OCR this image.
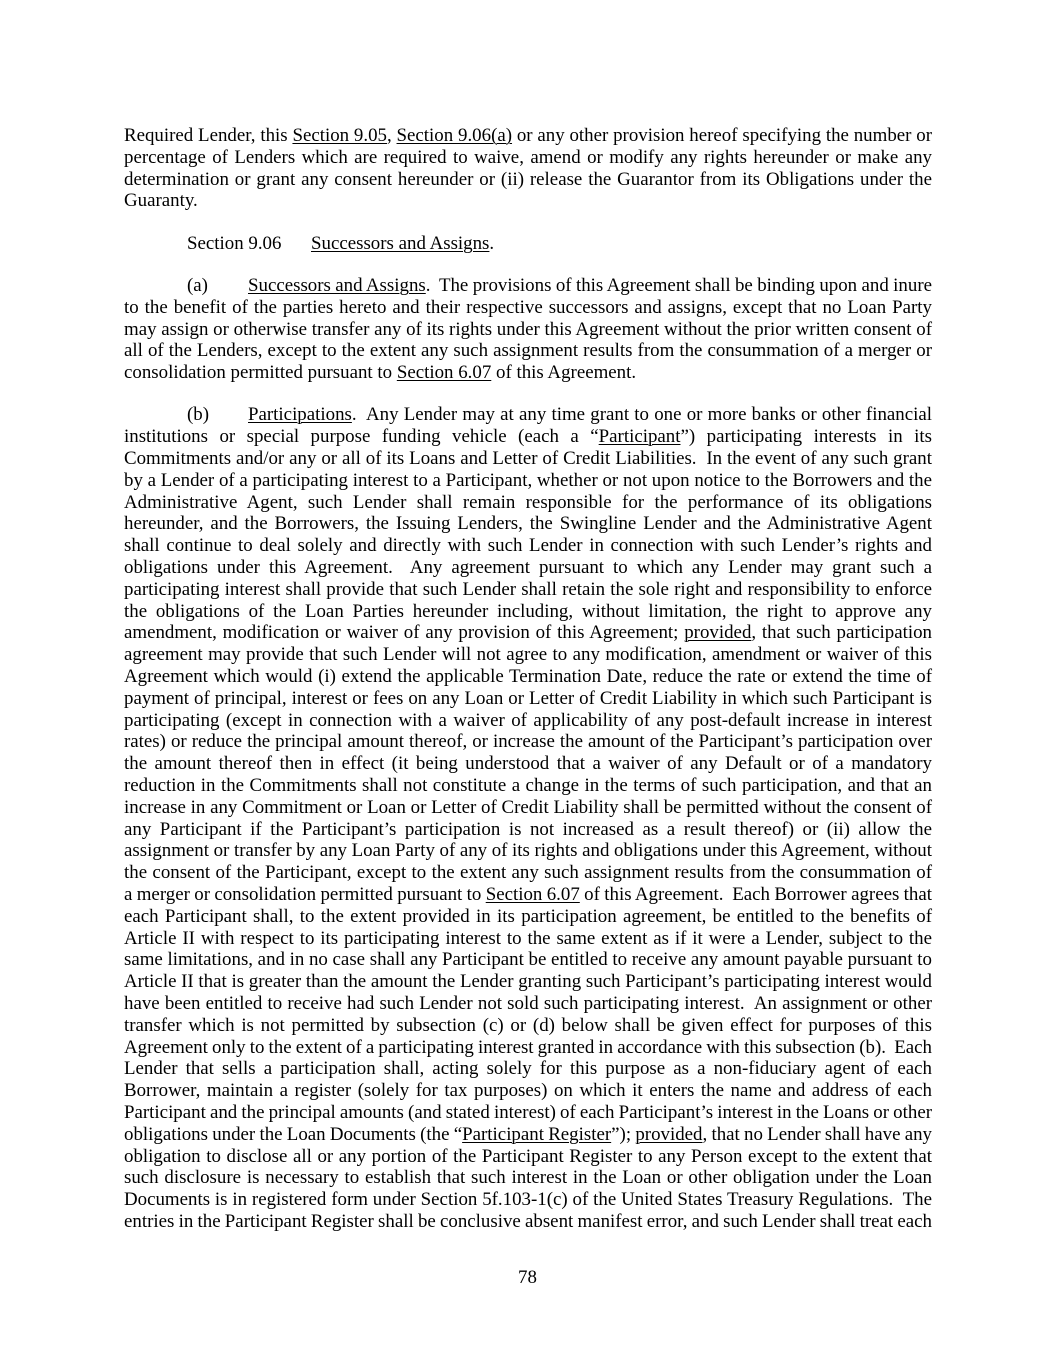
Required Lender, this Section 9.05, Section 9.06(a) or any other provision hereof specifying the number or
percentage of Lenders which are required to waive, amend or modify any rights hereunder or make any
determination or grant any consent hereunder or (ii) release the Guarantor from its Obligations under the
Guaranty.
Section 9.06	Successors and Assigns.
(a)	Successors and Assigns.  The provisions of this Agreement shall be binding upon and inure
to the benefit of the parties hereto and their respective successors and assigns, except that no Loan Party
may assign or otherwise transfer any of its rights under this Agreement without the prior written consent of
all of the Lenders, except to the extent any such assignment results from the consummation of a merger or
consolidation permitted pursuant to Section 6.07 of this Agreement.
(b)	Participations.  Any Lender may at any time grant to one or more banks or other financial
institutions or special purpose funding vehicle (each a “Participant”) participating interests in its
Commitments and/or any or all of its Loans and Letter of Credit Liabilities.  In the event of any such grant
by a Lender of a participating interest to a Participant, whether or not upon notice to the Borrowers and the
Administrative Agent, such Lender shall remain responsible for the performance of its obligations
hereunder, and the Borrowers, the Issuing Lenders, the Swingline Lender and the Administrative Agent
shall continue to deal solely and directly with such Lender in connection with such Lender’s rights and
obligations under this Agreement.  Any agreement pursuant to which any Lender may grant such a
participating interest shall provide that such Lender shall retain the sole right and responsibility to enforce
the obligations of the Loan Parties hereunder including, without limitation, the right to approve any
amendment, modification or waiver of any provision of this Agreement; provided, that such participation
agreement may provide that such Lender will not agree to any modification, amendment or waiver of this
Agreement which would (i) extend the applicable Termination Date, reduce the rate or extend the time of
payment of principal, interest or fees on any Loan or Letter of Credit Liability in which such Participant is
participating (except in connection with a waiver of applicability of any post-default increase in interest
rates) or reduce the principal amount thereof, or increase the amount of the Participant’s participation over
the amount thereof then in effect (it being understood that a waiver of any Default or of a mandatory
reduction in the Commitments shall not constitute a change in the terms of such participation, and that an
increase in any Commitment or Loan or Letter of Credit Liability shall be permitted without the consent of
any Participant if the Participant’s participation is not increased as a result thereof) or (ii) allow the
assignment or transfer by any Loan Party of any of its rights and obligations under this Agreement, without
the consent of the Participant, except to the extent any such assignment results from the consummation of
a merger or consolidation permitted pursuant to Section 6.07 of this Agreement.  Each Borrower agrees that
each Participant shall, to the extent provided in its participation agreement, be entitled to the benefits of
Article II with respect to its participating interest to the same extent as if it were a Lender, subject to the
same limitations, and in no case shall any Participant be entitled to receive any amount payable pursuant to
Article II that is greater than the amount the Lender granting such Participant’s participating interest would
have been entitled to receive had such Lender not sold such participating interest.  An assignment or other
transfer which is not permitted by subsection (c) or (d) below shall be given effect for purposes of this
Agreement only to the extent of a participating interest granted in accordance with this subsection (b).  Each
Lender that sells a participation shall, acting solely for this purpose as a non-fiduciary agent of each
Borrower, maintain a register (solely for tax purposes) on which it enters the name and address of each
Participant and the principal amounts (and stated interest) of each Participant’s interest in the Loans or other
obligations under the Loan Documents (the “Participant Register”); provided, that no Lender shall have any
obligation to disclose all or any portion of the Participant Register to any Person except to the extent that
such disclosure is necessary to establish that such interest in the Loan or other obligation under the Loan
Documents is in registered form under Section 5f.103-1(c) of the United States Treasury Regulations.  The
entries in the Participant Register shall be conclusive absent manifest error, and such Lender shall treat each
78
